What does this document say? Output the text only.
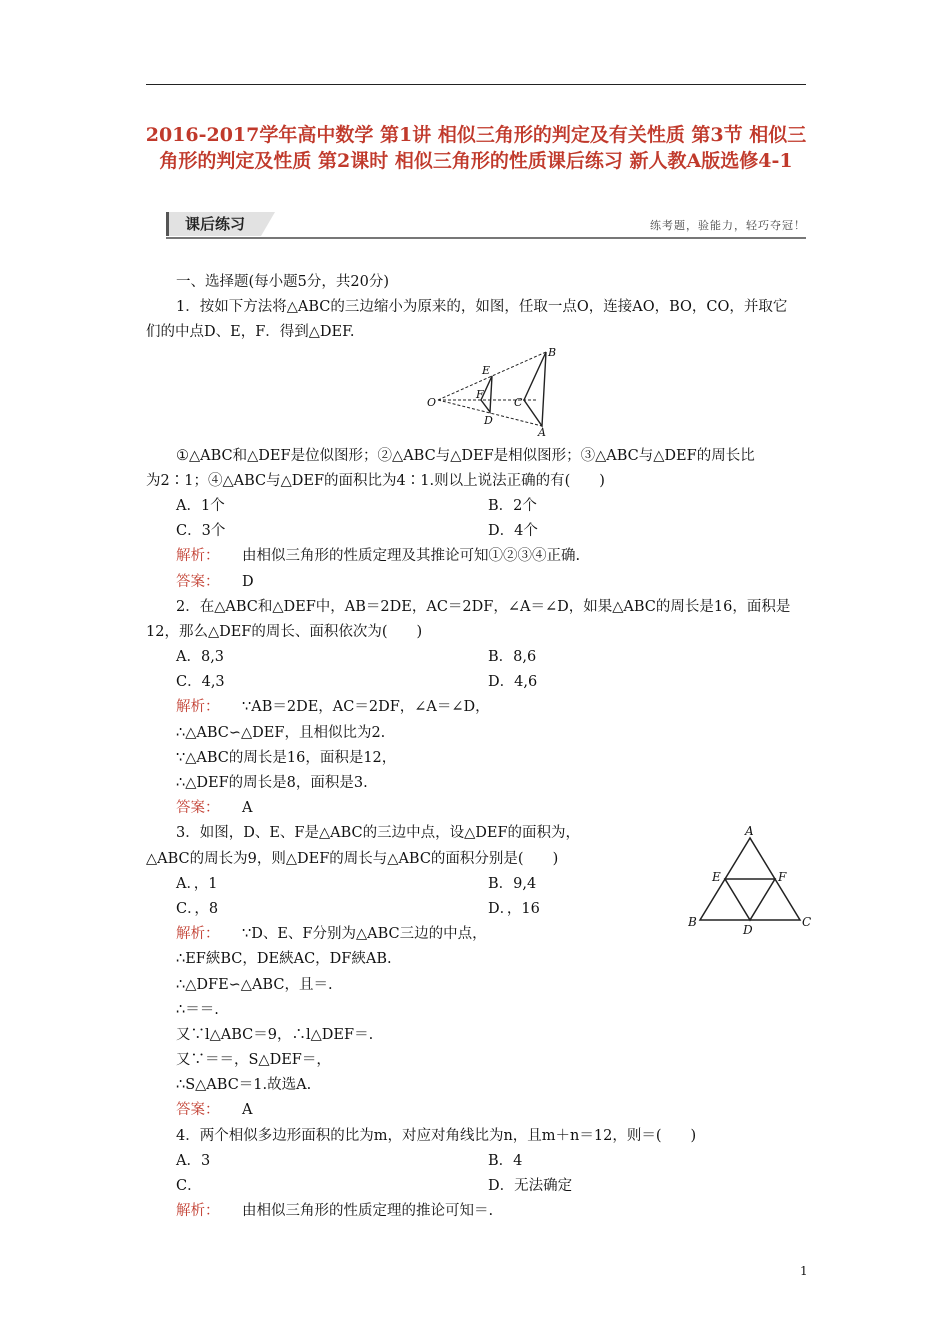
2016-2017学年高中数学 第1讲 相似三角形的判定及有关性质 第3节 相似三角形的判定及性质 第2课时 相似三角形的性质课后练习 新人教A版选修4-1
课后练习	练考题，验能力，轻巧夺冠！
一、选择题(每小题5分，共20分)
1．按如下方法将△ABC的三边缩小为原来的，如图，任取一点O，连接AO，BO，CO，并取它
们的中点D、E，F．得到△DEF.
O
E
F
D
C
B
A
①△ABC和△DEF是位似图形；②△ABC与△DEF是相似图形；③△ABC与△DEF的周长比
为2∶1；④△ABC与△DEF的面积比为4∶1.则以上说法正确的有(　　)
A．1个	B．2个
C．3个	D．4个
解析： 由相似三角形的性质定理及其推论可知①②③④正确.
答案： D
2．在△ABC和△DEF中，AB＝2DE，AC＝2DF，∠A＝∠D，如果△ABC的周长是16，面积是
12，那么△DEF的周长、面积依次为(　　)
A．8,3	B．8,6
C．4,3	D．4,6
解析： ∵AB＝2DE，AC＝2DF，∠A＝∠D，
∴△ABC∽△DEF，且相似比为2.
∵△ABC的周长是16，面积是12，
∴△DEF的周长是8，面积是3.
答案： A
3．如图，D、E、F是△ABC的三边中点，设△DEF的面积为，
△ABC的周长为9，则△DEF的周长与△ABC的面积分别是(　　)
A．，1	B．9,4
C．，8	D．，16
解析： ∵D、E、F分别为△ABC三边的中点，
∴EF綊BC，DE綊AC，DF綊AB.
∴△DFE∽△ABC，且＝.
∴＝＝.
又∵l△ABC＝9，∴l△DEF＝.
又∵＝＝，S△DEF＝，
∴S△ABC＝1.故选A.
答案： A
4．两个相似多边形面积的比为m，对应对角线比为n，且m＋n＝12，则＝(　　)
A．3	B．4
C．	D．无法确定
解析： 由相似三角形的性质定理的推论可知＝.
A
E	F
B
D
C
1
